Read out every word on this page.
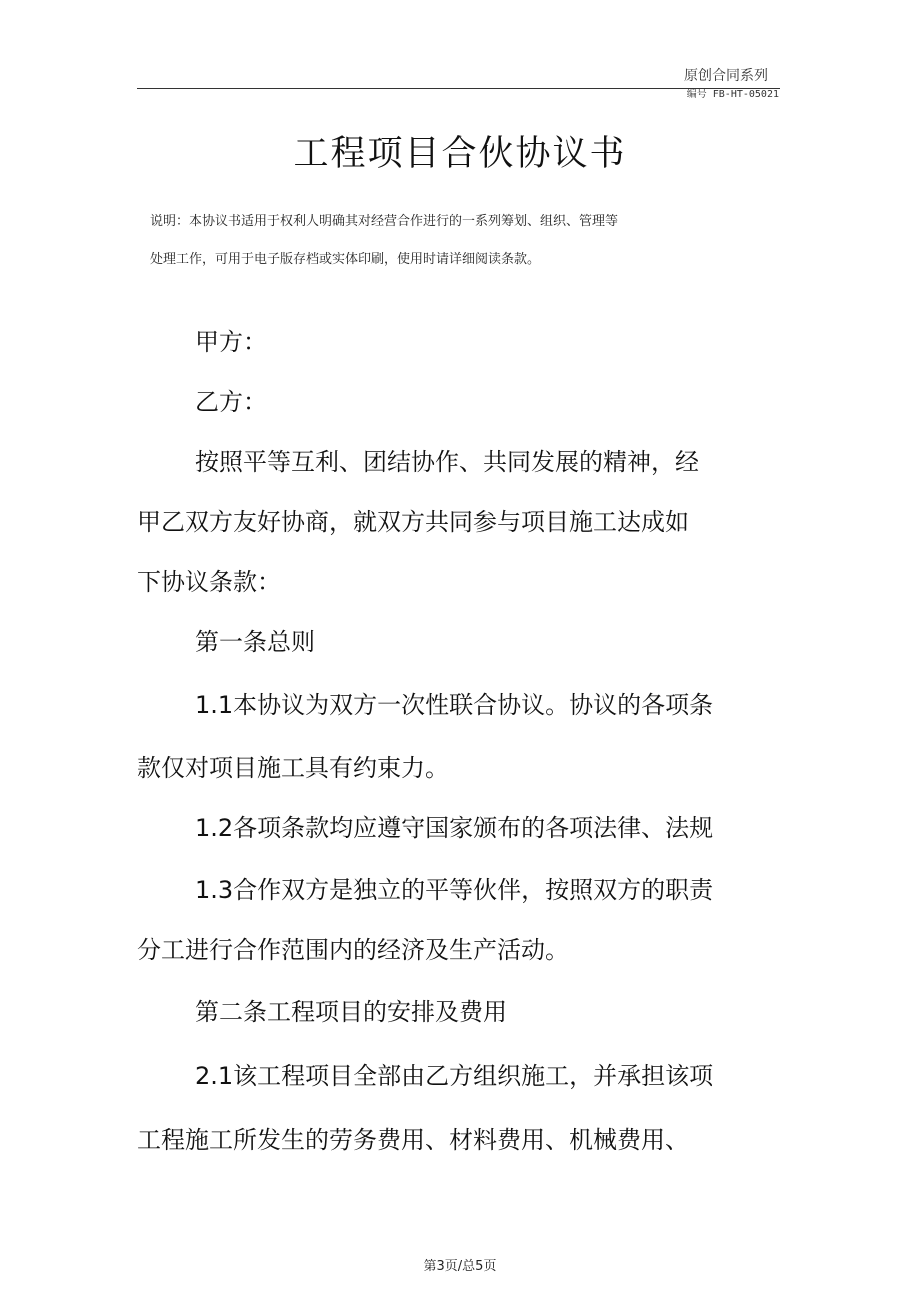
原创合同系列
编号 FB-HT-05021
工程项目合伙协议书
说明：本协议书适用于权利人明确其对经营合作进行的一系列筹划、组织、管理等
处理工作，可用于电子版存档或实体印刷，使用时请详细阅读条款。
甲方：
乙方：
按照平等互利、团结协作、共同发展的精神，经
甲乙双方友好协商，就双方共同参与项目施工达成如
下协议条款：
第一条总则
1.1本协议为双方一次性联合协议。协议的各项条
款仅对项目施工具有约束力。
1.2各项条款均应遵守国家颁布的各项法律、法规
1.3合作双方是独立的平等伙伴，按照双方的职责
分工进行合作范围内的经济及生产活动。
第二条工程项目的安排及费用
2.1该工程项目全部由乙方组织施工，并承担该项
工程施工所发生的劳务费用、材料费用、机械费用、
第3页/总5页
